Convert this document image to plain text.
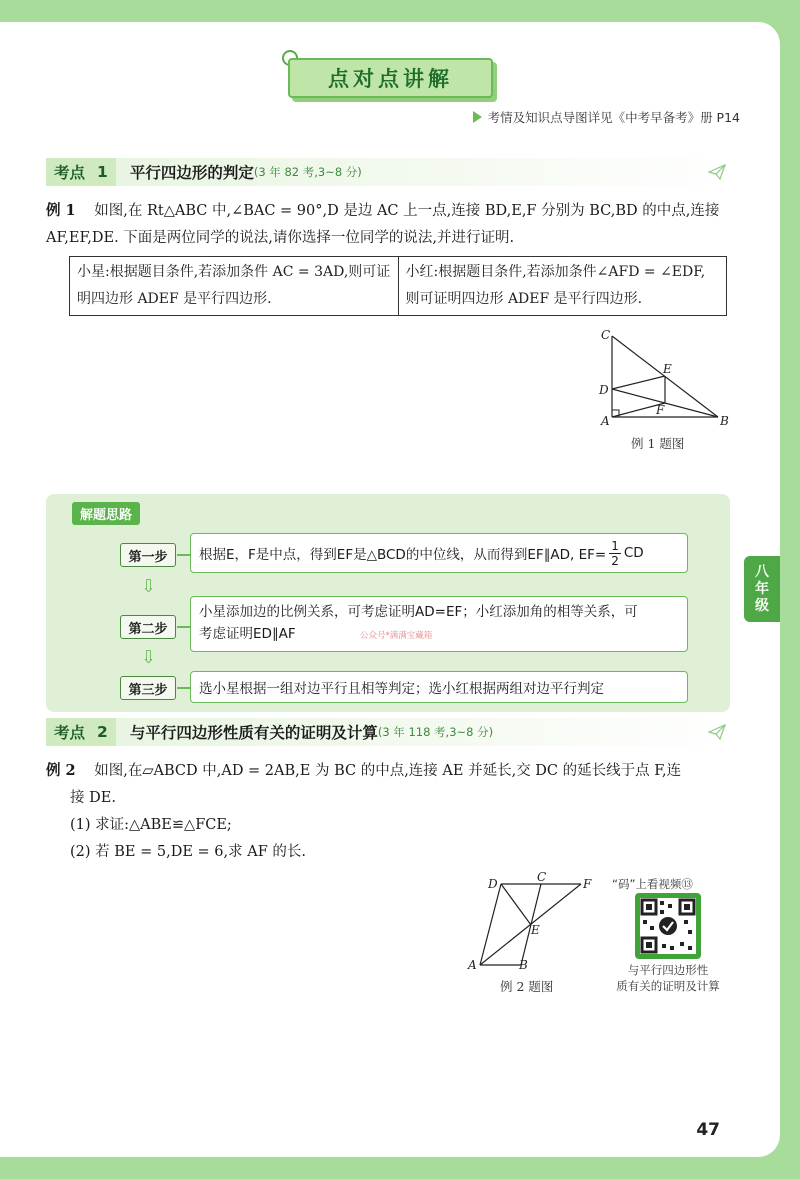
点对点讲解
考情及知识点导图详见《中考早备考》册 P14
考点 1 平行四边形的判定 (3 年 82 考,3~8 分)
例 1 如图,在 Rt△ABC 中,∠BAC = 90°,D 是边 AC 上一点,连接 BD,E,F 分别为 BC,BD 的中点,连接 AF,EF,DE. 下面是两位同学的说法,请你选择一位同学的说法,并进行证明.
小星:根据题目条件,若添加条件 AC = 3AD,则可证明四边形 ADEF 是平行四边形.	小红:根据题目条件,若添加条件∠AFD = ∠EDF,则可证明四边形 ADEF 是平行四边形.
C
E
D
F
A	B
例 1 题图
解题思路
第一步	根据E，F是中点，得到EF是△BCD的中位线，从而得到EF∥AD, $EF= \frac{1}{2}$ CD
⇩
第二步
小星添加边的比例关系，可考虑证明AD=EF；小红添加角的相等关系，可
考虑证明ED∥AF	公众号*满满宝藏箱
⇩
第三步	选小星根据一组对边平行且相等判定；选小红根据两组对边平行判定
考点 2 与平行四边形性质有关的证明及计算 (3 年 118 考,3~8 分)
例 2 如图,在▱ABCD 中,AD = 2AB,E 为 BC 的中点,连接 AE 并延长,交 DC 的延长线于点 F,连
接 DE.
(1) 求证:△ABE≌△FCE;
(2) 若 BE = 5,DE = 6,求 AF 的长.
D	C	F
E
A	B
例 2 题图
“码”上看视频⑬
与平行四边形性
质有关的证明及计算
八
年
级
47
